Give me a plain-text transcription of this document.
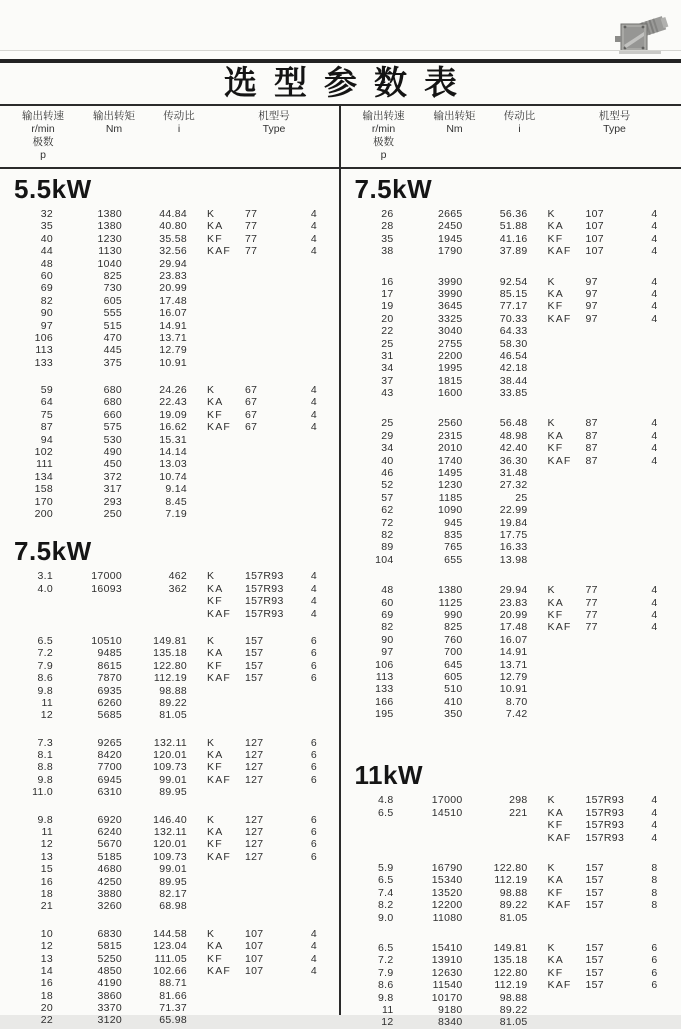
选型参数表
输出转速
r/min
输出转矩
Nm
传动比
i
机型号
Type
极数
p
5.5kW
32	1380	44.84	K	77	4
35	1380	40.80	KA	77	4
40	1230	35.58	KF	77	4
44	1130	32.56	KAF	77	4
48	1040	29.94
60	825	23.83
69	730	20.99
82	605	17.48
90	555	16.07
97	515	14.91
106	470	13.71
113	445	12.79
133	375	10.91
59	680	24.26	K	67	4
64	680	22.43	KA	67	4
75	660	19.09	KF	67	4
87	575	16.62	KAF	67	4
94	530	15.31
102	490	14.14
111	450	13.03
134	372	10.74
158	317	9.14
170	293	8.45
200	250	7.19
7.5kW
3.1	17000	462	K	157R93	4
4.0	16093	362	KA	157R93	4
KF	157R93	4
KAF	157R93	4
6.5	10510	149.81	K	157	6
7.2	9485	135.18	KA	157	6
7.9	8615	122.80	KF	157	6
8.6	7870	112.19	KAF	157	6
9.8	6935	98.88
11	6260	89.22
12	5685	81.05
7.3	9265	132.11	K	127	6
8.1	8420	120.01	KA	127	6
8.8	7700	109.73	KF	127	6
9.8	6945	99.01	KAF	127	6
11.0	6310	89.95
9.8	6920	146.40	K	127	6
11	6240	132.11	KA	127	6
12	5670	120.01	KF	127	6
13	5185	109.73	KAF	127	6
15	4680	99.01
16	4250	89.95
18	3880	82.17
21	3260	68.98
10	6830	144.58	K	107	4
12	5815	123.04	KA	107	4
13	5250	111.05	KF	107	4
14	4850	102.66	KAF	107	4
16	4190	88.71
18	3860	81.66
20	3370	71.37
22	3120	65.98
输出转速
r/min
输出转矩
Nm
传动比
i
机型号
Type
极数
p
7.5kW
26	2665	56.36	K	107	4
28	2450	51.88	KA	107	4
35	1945	41.16	KF	107	4
38	1790	37.89	KAF	107	4
16	3990	92.54	K	97	4
17	3990	85.15	KA	97	4
19	3645	77.17	KF	97	4
20	3325	70.33	KAF	97	4
22	3040	64.33
25	2755	58.30
31	2200	46.54
34	1995	42.18
37	1815	38.44
43	1600	33.85
25	2560	56.48	K	87	4
29	2315	48.98	KA	87	4
34	2010	42.40	KF	87	4
40	1740	36.30	KAF	87	4
46	1495	31.48
52	1230	27.32
57	1185	25
62	1090	22.99
72	945	19.84
82	835	17.75
89	765	16.33
104	655	13.98
48	1380	29.94	K	77	4
60	1125	23.83	KA	77	4
69	990	20.99	KF	77	4
82	825	17.48	KAF	77	4
90	760	16.07
97	700	14.91
106	645	13.71
113	605	12.79
133	510	10.91
166	410	8.70
195	350	7.42
11kW
4.8	17000	298	K	157R93	4
6.5	14510	221	KA	157R93	4
KF	157R93	4
KAF	157R93	4
5.9	16790	122.80	K	157	8
6.5	15340	112.19	KA	157	8
7.4	13520	98.88	KF	157	8
8.2	12200	89.22	KAF	157	8
9.0	11080	81.05
6.5	15410	149.81	K	157	6
7.2	13910	135.18	KA	157	6
7.9	12630	122.80	KF	157	6
8.6	11540	112.19	KAF	157	6
9.8	10170	98.88
11	9180	89.22
12	8340	81.05
